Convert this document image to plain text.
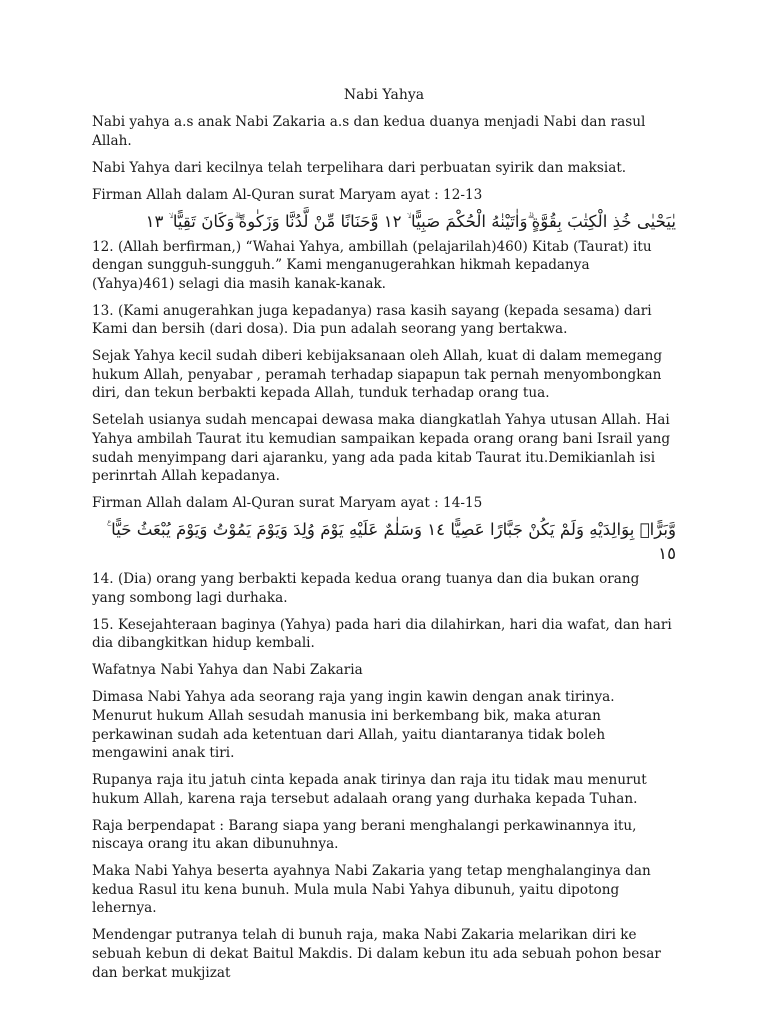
Nabi Yahya

Nabi yahya a.s anak Nabi Zakaria a.s dan kedua duanya menjadi Nabi dan rasul Allah.

Nabi Yahya dari kecilnya telah terpelihara dari perbuatan syirik dan maksiat.

Firman Allah dalam Al-Quran surat Maryam ayat : 12-13

يٰيَحْيٰى خُذِ الْكِتٰبَ بِقُوَّةٍ ۗوَاٰتَيْنٰهُ الْحُكْمَ صَبِيًّا ۙ ١٢ وَّحَنَانًا مِّنْ لَّدُنَّا وَزَكٰوةً ۗوَكَانَ تَقِيًّا ۙ ١٣

12. (Allah berfirman,) “Wahai Yahya, ambillah (pelajarilah)460) Kitab (Taurat) itu dengan sungguh-sungguh.” Kami menganugerahkan hikmah kepadanya (Yahya)461) selagi dia masih kanak-kanak.

13. (Kami anugerahkan juga kepadanya) rasa kasih sayang (kepada sesama) dari Kami dan bersih (dari dosa). Dia pun adalah seorang yang bertakwa.

Sejak Yahya kecil sudah diberi kebijaksanaan oleh Allah, kuat di dalam memegang hukum Allah, penyabar , peramah terhadap siapapun tak pernah menyombongkan diri, dan tekun berbakti kepada Allah, tunduk terhadap orang tua.

Setelah usianya sudah mencapai dewasa maka diangkatlah Yahya utusan Allah. Hai Yahya ambilah Taurat itu kemudian sampaikan kepada orang orang bani Israil yang sudah menyimpang dari ajaranku, yang ada pada kitab Taurat itu.Demikianlah isi perinrtah Allah kepadanya.

Firman Allah dalam Al-Quran surat Maryam ayat : 14-15

وَّبَرًّاۢ بِوَالِدَيْهِ وَلَمْ يَكُنْ جَبَّارًا عَصِيًّا ١٤ وَسَلٰمٌ عَلَيْهِ يَوْمَ وُلِدَ وَيَوْمَ يَمُوْتُ وَيَوْمَ يُبْعَثُ حَيًّا ࣖ ١٥

14. (Dia) orang yang berbakti kepada kedua orang tuanya dan dia bukan orang yang sombong lagi durhaka.

15. Kesejahteraan baginya (Yahya) pada hari dia dilahirkan, hari dia wafat, dan hari dia dibangkitkan hidup kembali.

Wafatnya Nabi Yahya dan Nabi Zakaria

Dimasa Nabi Yahya ada seorang raja yang ingin kawin dengan anak tirinya. Menurut hukum Allah sesudah manusia ini berkembang bik, maka aturan perkawinan sudah ada ketentuan dari Allah, yaitu diantaranya tidak boleh mengawini anak tiri.

Rupanya raja itu jatuh cinta kepada anak tirinya dan raja itu tidak mau menurut hukum Allah, karena raja tersebut adalaah orang yang durhaka kepada Tuhan.

Raja berpendapat : Barang siapa yang berani menghalangi perkawinannya itu, niscaya orang itu akan dibunuhnya.

Maka Nabi Yahya beserta ayahnya Nabi Zakaria yang tetap menghalanginya dan kedua Rasul itu kena bunuh. Mula mula Nabi Yahya dibunuh, yaitu dipotong lehernya.

Mendengar putranya telah di bunuh raja, maka Nabi Zakaria melarikan diri ke sebuah kebun di dekat Baitul Makdis. Di dalam kebun itu ada sebuah pohon besar dan berkat mukjizat
